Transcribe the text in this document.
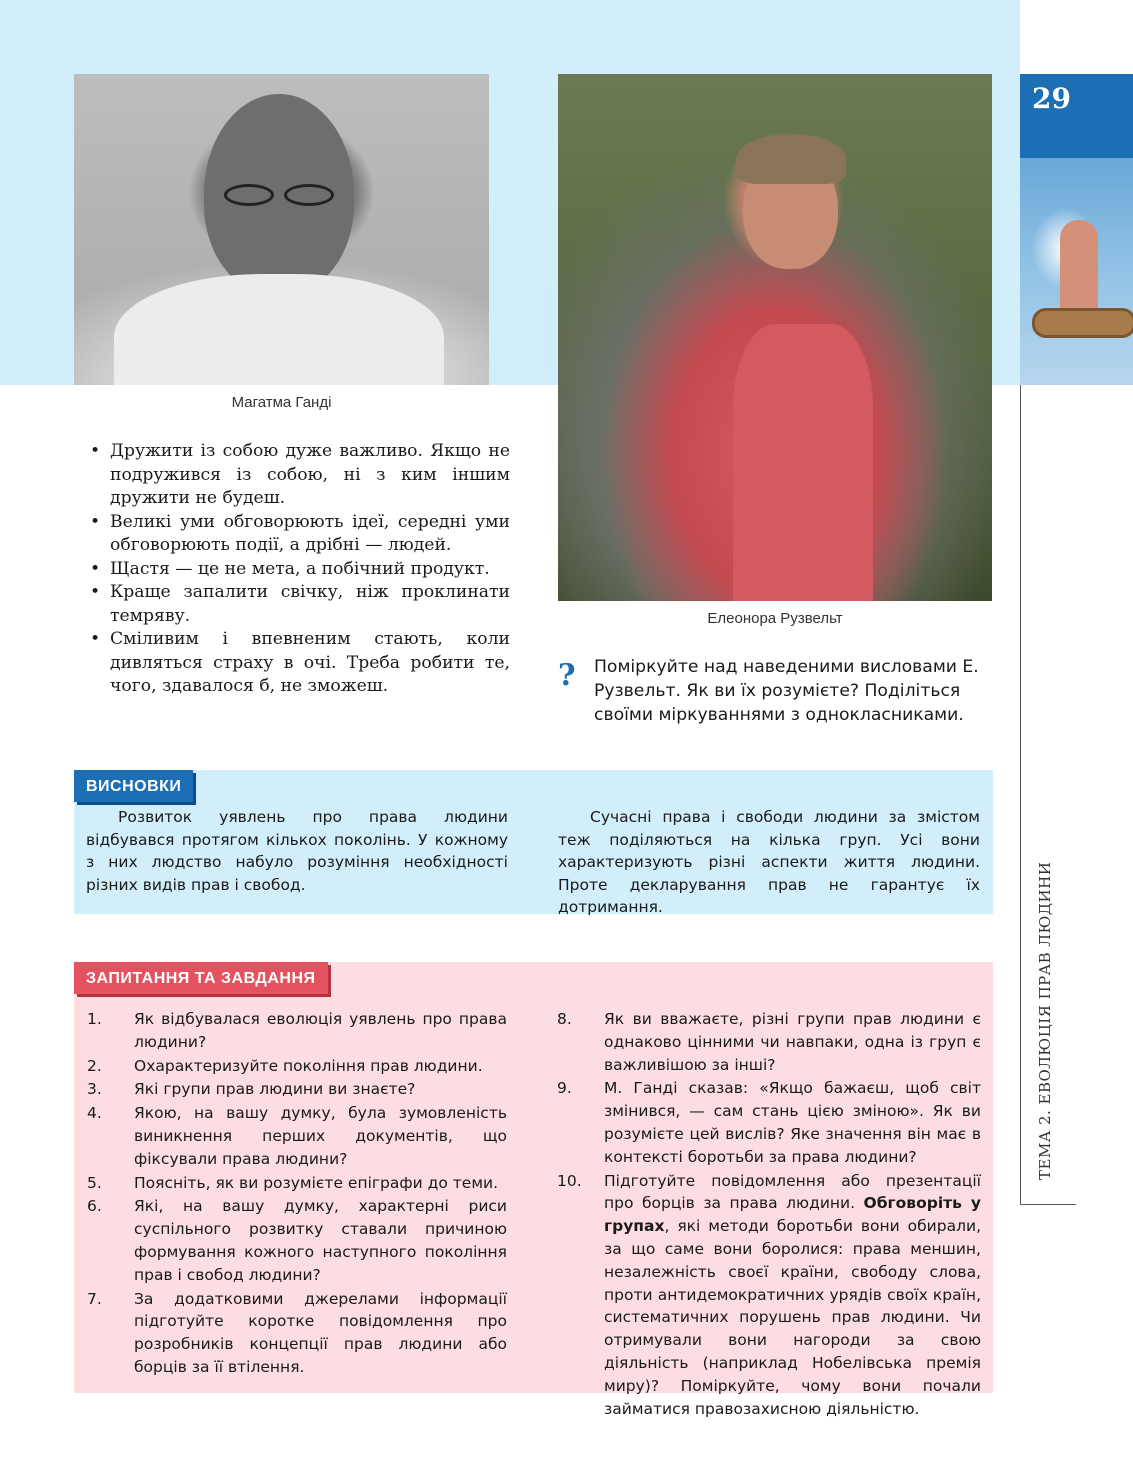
Магатма Ганді
Елеонора Рузвельт
• Дружити із собою дуже важливо. Якщо не подружився із собою, ні з ким іншим дружити не будеш.
• Великі уми обговорюють ідеї, середні уми обговорюють події, а дрібні — людей.
• Щастя — це не мета, а побічний продукт.
• Краще запалити свічку, ніж проклинати темряву.
• Сміливим і впевненим стають, коли дивляться страху в очі. Треба робити те, чого, здавалося б, не зможеш.	? Поміркуйте над наведеними висловами Е. Рузвельт. Як ви їх розумієте? Поділіться своїми міркуваннями з однокласниками.
29
ТЕМА 2. ЕВОЛЮЦІЯ ПРАВ ЛЮДИНИ
ВИСНОВКИ

Розвиток уявлень про права людини відбувався протягом кількох поколінь. У кожному з них людство набуло розуміння необхідності різних видів прав і свобод.

Сучасні права і свободи людини за змістом теж поділяються на кілька груп. Усі вони характеризують різні аспекти життя людини. Проте декларування прав не гарантує їх дотримання.

ЗАПИТАННЯ ТА ЗАВДАННЯ
1. Як відбувалася еволюція уявлень про права людини?
2. Охарактеризуйте покоління прав людини.
3. Які групи прав людини ви знаєте?
4. Якою, на вашу думку, була зумовленість виникнення перших документів, що фіксували права людини?
5. Поясніть, як ви розумієте епіграфи до теми.
6. Які, на вашу думку, характерні риси суспільного розвитку ставали причиною формування кожного наступного покоління прав і свобод людини?
7. За додатковими джерелами інформації підготуйте коротке повідомлення про розробників концепції прав людини або борців за її втілення.
8. Як ви вважаєте, різні групи прав людини є однаково цінними чи навпаки, одна із груп є важливішою за інші?
9. М. Ганді сказав: «Якщо бажаєш, щоб світ змінився, — сам стань цією зміною». Як ви розумієте цей вислів? Яке значення він має в контексті боротьби за права людини?
10. Підготуйте повідомлення або презентації про борців за права людини. Обговоріть у групах, які методи боротьби вони обирали, за що саме вони боролися: права меншин, незалежність своєї країни, свободу слова, проти антидемократичних урядів своїх країн, систематичних порушень прав людини. Чи отримували вони нагороди за свою діяльність (наприклад Нобелівська премія миру)? Поміркуйте, чому вони почали займатися правозахисною діяльністю.
